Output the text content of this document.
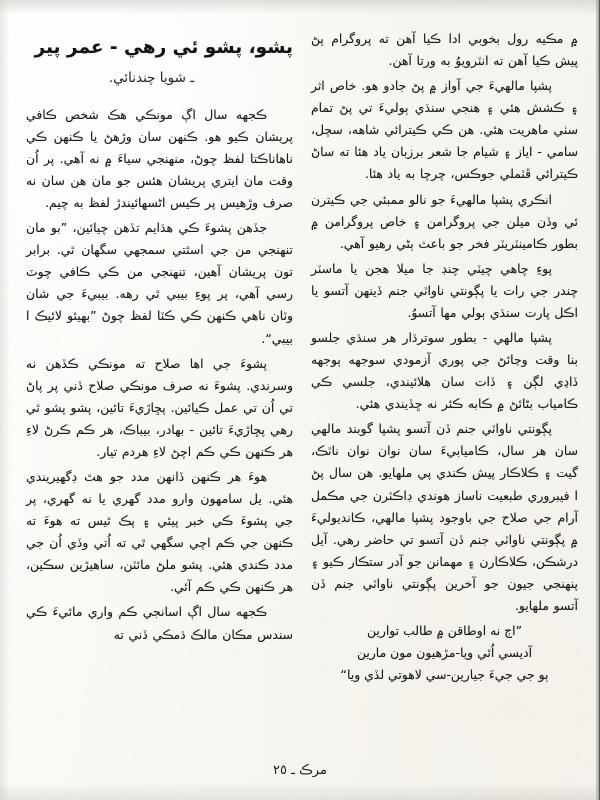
۾ مڪيه رول بخوبي ادا ڪيا آهن ته پروگرام پڻ پيش ڪيا آهن ته انٽرويوُ به ورتا آهن.

پشپا مالهيءَ جي آواز ۾ پڻ جادو هو. خاص اثر ۽ ڪشش هئي ۽ هنجي سنڌي ٻوليءَ تي پڻ تمام سٺي ماهريت هئي. هن ڪي ڪيترائي شاهه، سچل، سامي - اياز ۽ شيام جا شعر برزبان ياد هئا ته ساڻ ڪيترائي ڦٽملي جوڪس، چرچا به ياد هئا.

انڪري پشپا مالهيءَ جو نالو ممبئي جي ڪيترن ئي وڏن ميلن جي پروگرامن ۽ خاص پروگرامن ۾ بطور ڪامينٽريٽر فخر جو باعث ٻڻي رهيو آهي.

پوءِ چاهي چيٽي چنڊ جا ميلا هجن يا ماسٽر چندر جي رات يا پڳونتي ناواٽي جنم ڏينهن آتسو يا اڪل پارت سنڌي ٻولي مها آتسوُ.

پشپا مالهي - بطور سوترڌار هر سنڌي جلسو بنا وقت وڃائڻ جي پوري آزمودي سوجهه ٻوجهه ڏاڍي لڳن ۽ ڏات سان هلائيندي، جلسي ڪي ڪامياب بڻائڻ ۾ ڪابه ڪئر نه ڇڏيندي هئي.

پڳونتي ناواٽي جنم ڏن آتسو پشپا گوبند مالهي سان هر سال، ڪاميابيءَ سان نوان نوان ناٽڪ، گيت ۽ ڪلاڪار پيش ڪندي پي ملهايو. هن سال پڻ ا فيبروري طبعيت ناساز هوندي ڊاڪٽرن جي مڪمل آرام جي صلاح جي باوجود پشپا مالهي، ڪانديوليءَ ۾ پڳونتي ناواٽي جنم ڏن آتسو تي حاضر رهي. آيل درشڪن، ڪلاڪارن ۽ مهمانن جو آدر ستڪار ڪيو ۽ پنهنجي جيون جو آخرين پڳونتي ناواٽي جنم ڏن آتسو ملهايو.

”اڄ نه اوطاقن ۾ طالب توارين

آديسي اُٿي ويا-مڙهيون مون مارين

ٻو جي جيءَ جيارين-سي لاهوتي لڏي ويا“

پشو، پشو ئي رهي - عمر پير
ـ شويا چندنائي.

ڪجهه سال اڳ مونڪي هڪ شخص ڪافي پريشان ڪيو هو. ڪنهن سان وڙهڻ يا ڪنهن ڪي ناهاناڪتا لفظ چوڻ، منهنجي سياءَ ۾ نه آهي. پر اُن وقت مان ايتري پريشان هئس جو مان هن سان نه صرف وڙهيس پر ڪيس اڻسهائيندڙ لفظ به چيم.

جڏهن پشوءَ ڪي هڌايم تڏهن چيائين، ”بو مان تنهنجي من جي اسٿتي سمجهي سگهان ٿي. برابر تون پريشان آهين، تنهنجي من ڪي ڪافي چوٽ رسي آهي، پر پوءِ بيبي ٿي رهه. بيبيءَ جي شان وٽان ناهي ڪنهن ڪي ڪٽا لفظ چوڻ ”بهيئو لائيڪ ا بيبي“.

پشوءَ جي اها صلاح ته مونڪي ڪڏهن نه وسرندي. پشوءَ نه صرف مونڪي صلاح ڏني پر پاڻ تي اُن تي عمل ڪيائين. پڇاڙيءَ تائين، پشو پشو ٿي رهي پڇاڙيءَ تائين - بهادر، بيباڪ، هر ڪم ڪرڻ لاءِ هر ڪنهن ڪي ڪم اچڻ لاءِ هردم تيار.

هوءَ هر ڪنهن ڏانهن مدد جو هٿ ڊگهيريندي هئي. يل سامهون وارو مدد گهري يا نه گهري، پر جي پشوءَ ڪي خبر پيئي ۽ پڪ ٿيس ته هوءَ ته ڪنهن جي ڪم اچي سگهي ٿي ته اُتي وڏي اُن جي مدد ڪندي هئي. پشو ملڻ مائٽن، ساهيڙين سڪين، هر ڪنهن ڪي ڪم آئي.

ڪجهه سال اڳ اسانجي ڪم واري مائيءَ ڪي سندس مڪان مالڪ ڌمڪي ڏني ته

مرڪ ـ ٢٥
